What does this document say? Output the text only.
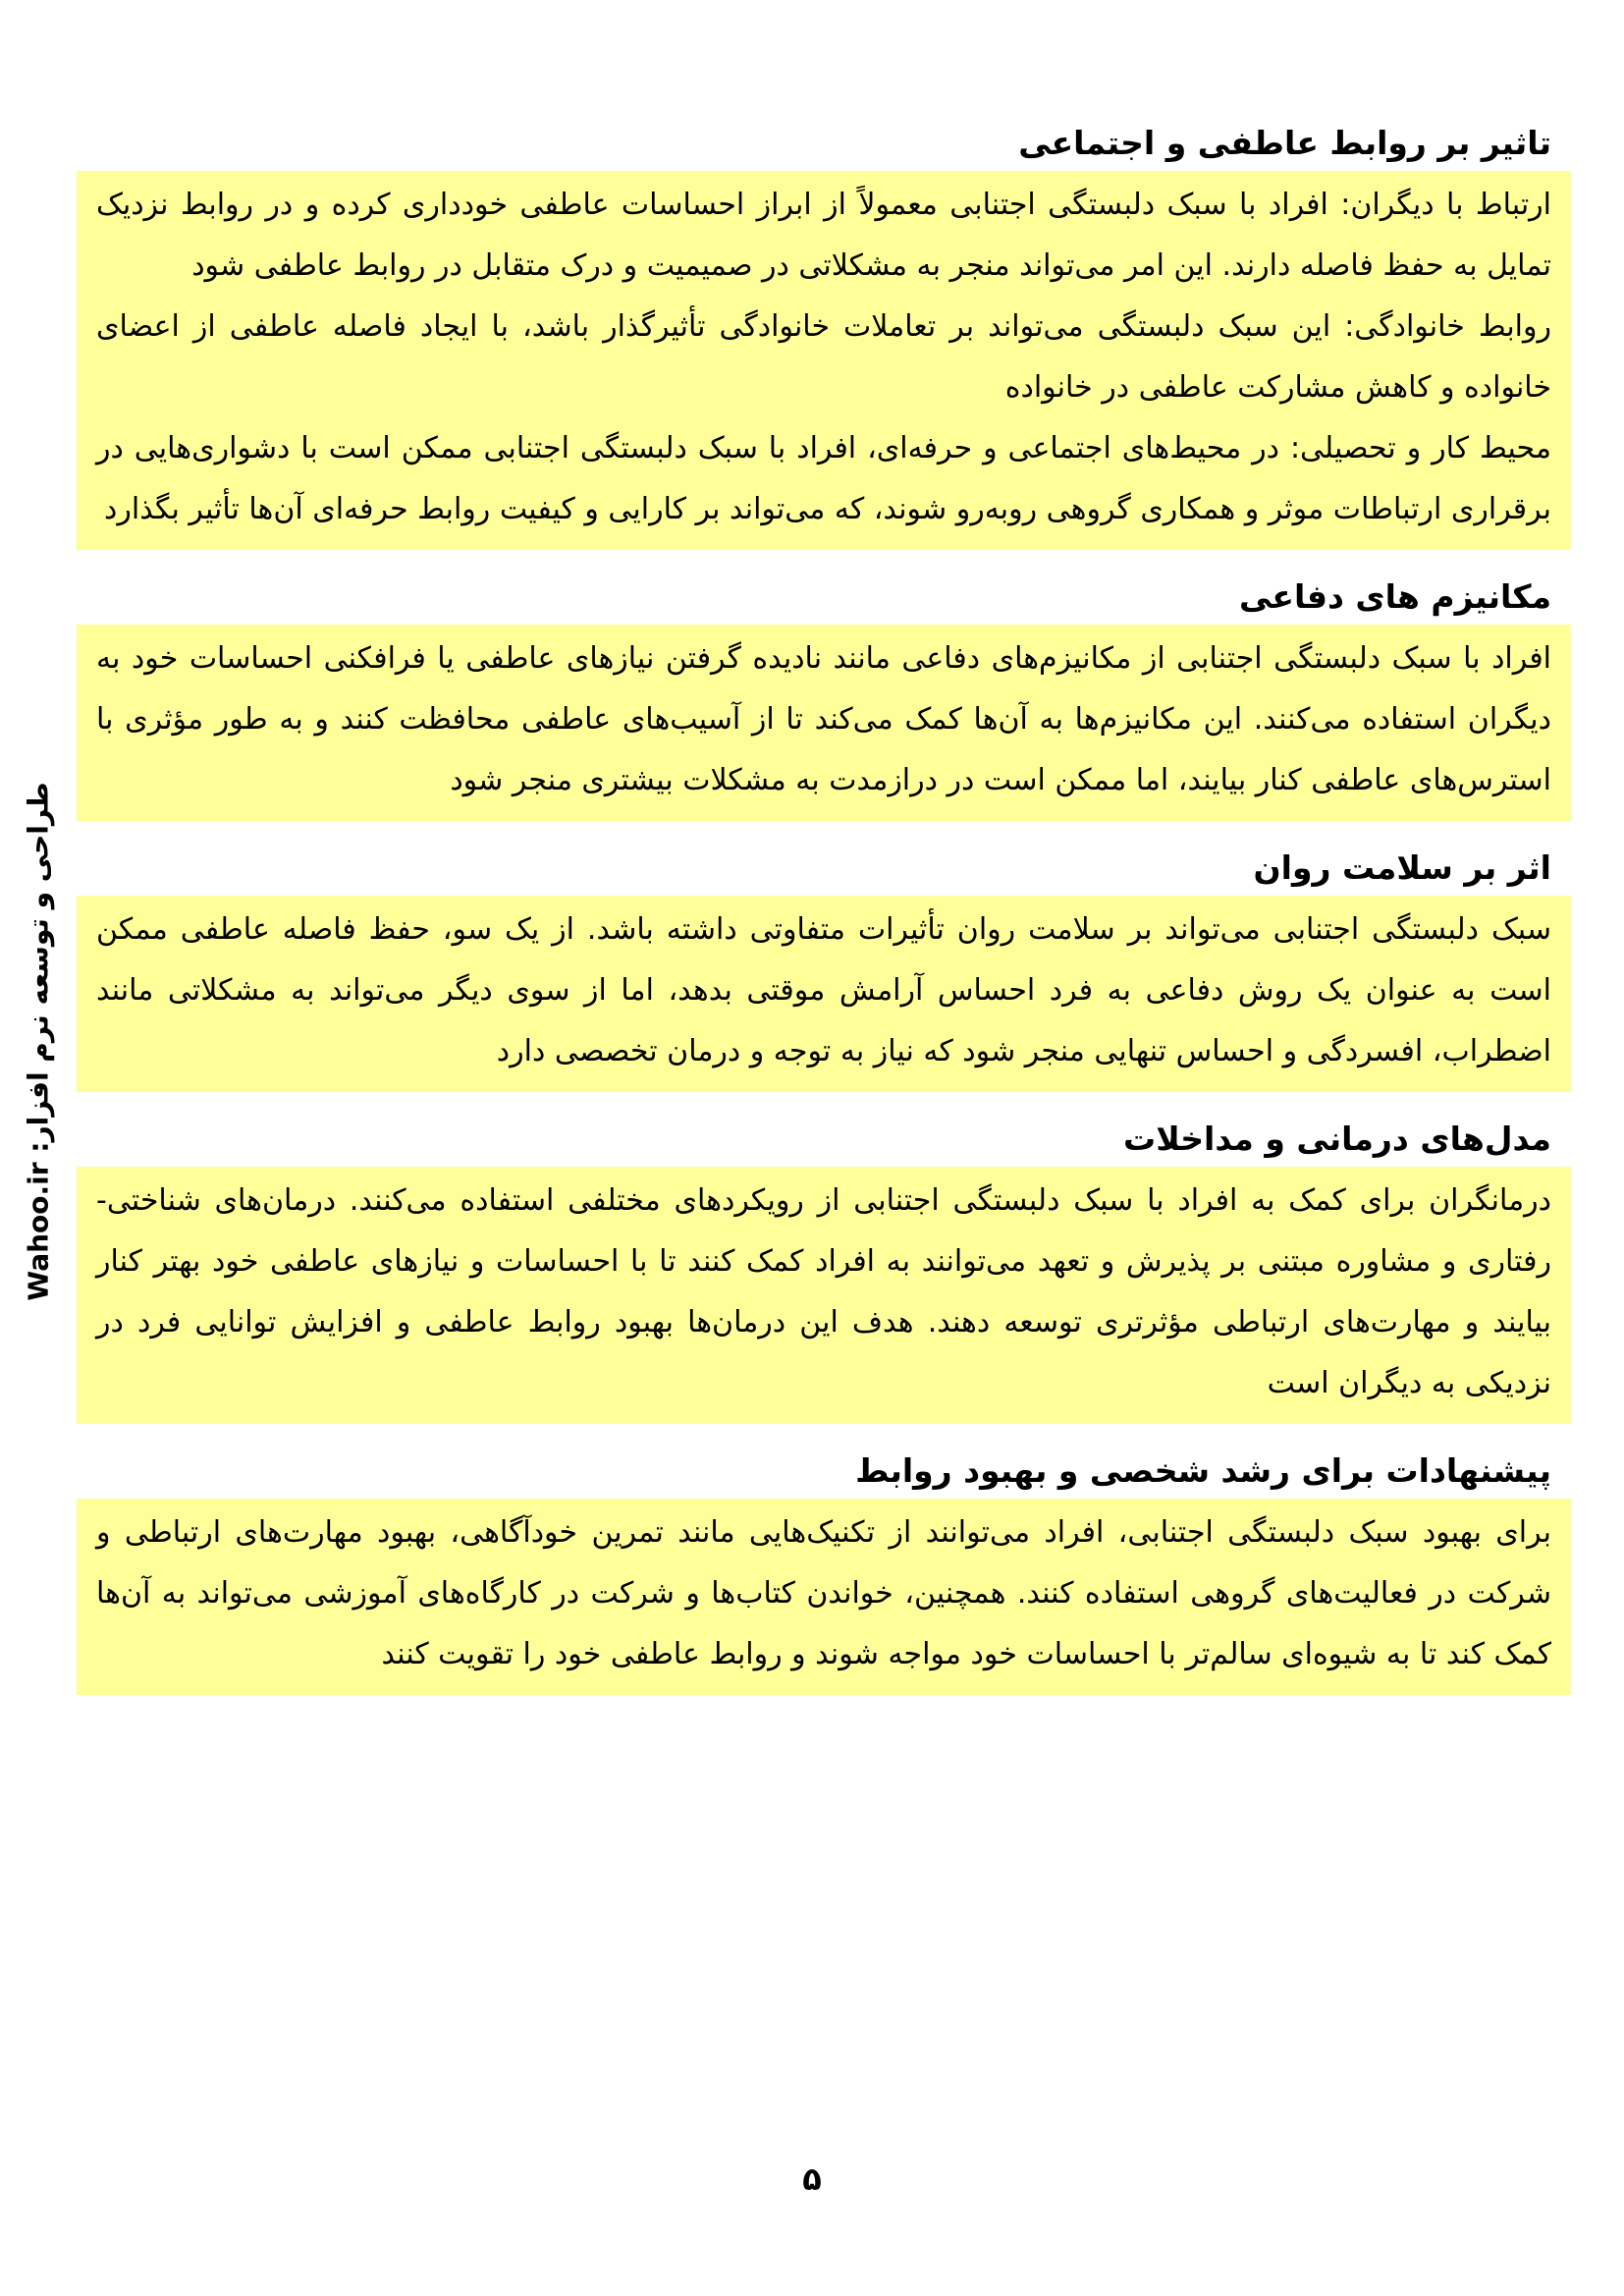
طراحی و توسعه نرم افزار: Wahoo.ir
تاثیر بر روابط عاطفی و اجتماعی

ارتباط با دیگران: افراد با سبک دلبستگی اجتنابی معمولاً از ابراز احساسات عاطفی خودداری کرده و در روابط نزدیک تمایل به حفظ فاصله دارند. این امر می‌تواند منجر به مشکلاتی در صمیمیت و درک متقابل در روابط عاطفی شود

روابط خانوادگی: این سبک دلبستگی می‌تواند بر تعاملات خانوادگی تأثیرگذار باشد، با ایجاد فاصله عاطفی از اعضای خانواده و کاهش مشارکت عاطفی در خانواده

محیط کار و تحصیلی: در محیط‌های اجتماعی و حرفه‌ای، افراد با سبک دلبستگی اجتنابی ممکن است با دشواری‌هایی در برقراری ارتباطات موثر و همکاری گروهی روبه‌رو شوند، که می‌تواند بر کارایی و کیفیت روابط حرفه‌ای آن‌ها تأثیر بگذارد

مکانیزم های دفاعی

افراد با سبک دلبستگی اجتنابی از مکانیزم‌های دفاعی مانند نادیده گرفتن نیازهای عاطفی یا فرافکنی احساسات خود به دیگران استفاده می‌کنند. این مکانیزم‌ها به آن‌ها کمک می‌کند تا از آسیب‌های عاطفی محافظت کنند و به طور مؤثری با استرس‌های عاطفی کنار بیایند، اما ممکن است در درازمدت به مشکلات بیشتری منجر شود

اثر بر سلامت روان

سبک دلبستگی اجتنابی می‌تواند بر سلامت روان تأثیرات متفاوتی داشته باشد. از یک سو، حفظ فاصله عاطفی ممکن است به عنوان یک روش دفاعی به فرد احساس آرامش موقتی بدهد، اما از سوی دیگر می‌تواند به مشکلاتی مانند اضطراب، افسردگی و احساس تنهایی منجر شود که نیاز به توجه و درمان تخصصی دارد

مدل‌های درمانی و مداخلات

درمانگران برای کمک به افراد با سبک دلبستگی اجتنابی از رویکردهای مختلفی استفاده می‌کنند. درمان‌های شناختی-رفتاری و مشاوره مبتنی بر پذیرش و تعهد می‌توانند به افراد کمک کنند تا با احساسات و نیازهای عاطفی خود بهتر کنار بیایند و مهارت‌های ارتباطی مؤثرتری توسعه دهند. هدف این درمان‌ها بهبود روابط عاطفی و افزایش توانایی فرد در نزدیکی به دیگران است

پیشنهادات برای رشد شخصی و بهبود روابط

برای بهبود سبک دلبستگی اجتنابی، افراد می‌توانند از تکنیک‌هایی مانند تمرین خودآگاهی، بهبود مهارت‌های ارتباطی و شرکت در فعالیت‌های گروهی استفاده کنند. همچنین، خواندن کتاب‌ها و شرکت در کارگاه‌های آموزشی می‌تواند به آن‌ها کمک کند تا به شیوه‌ای سالم‌تر با احساسات خود مواجه شوند و روابط عاطفی خود را تقویت کنند

۵
